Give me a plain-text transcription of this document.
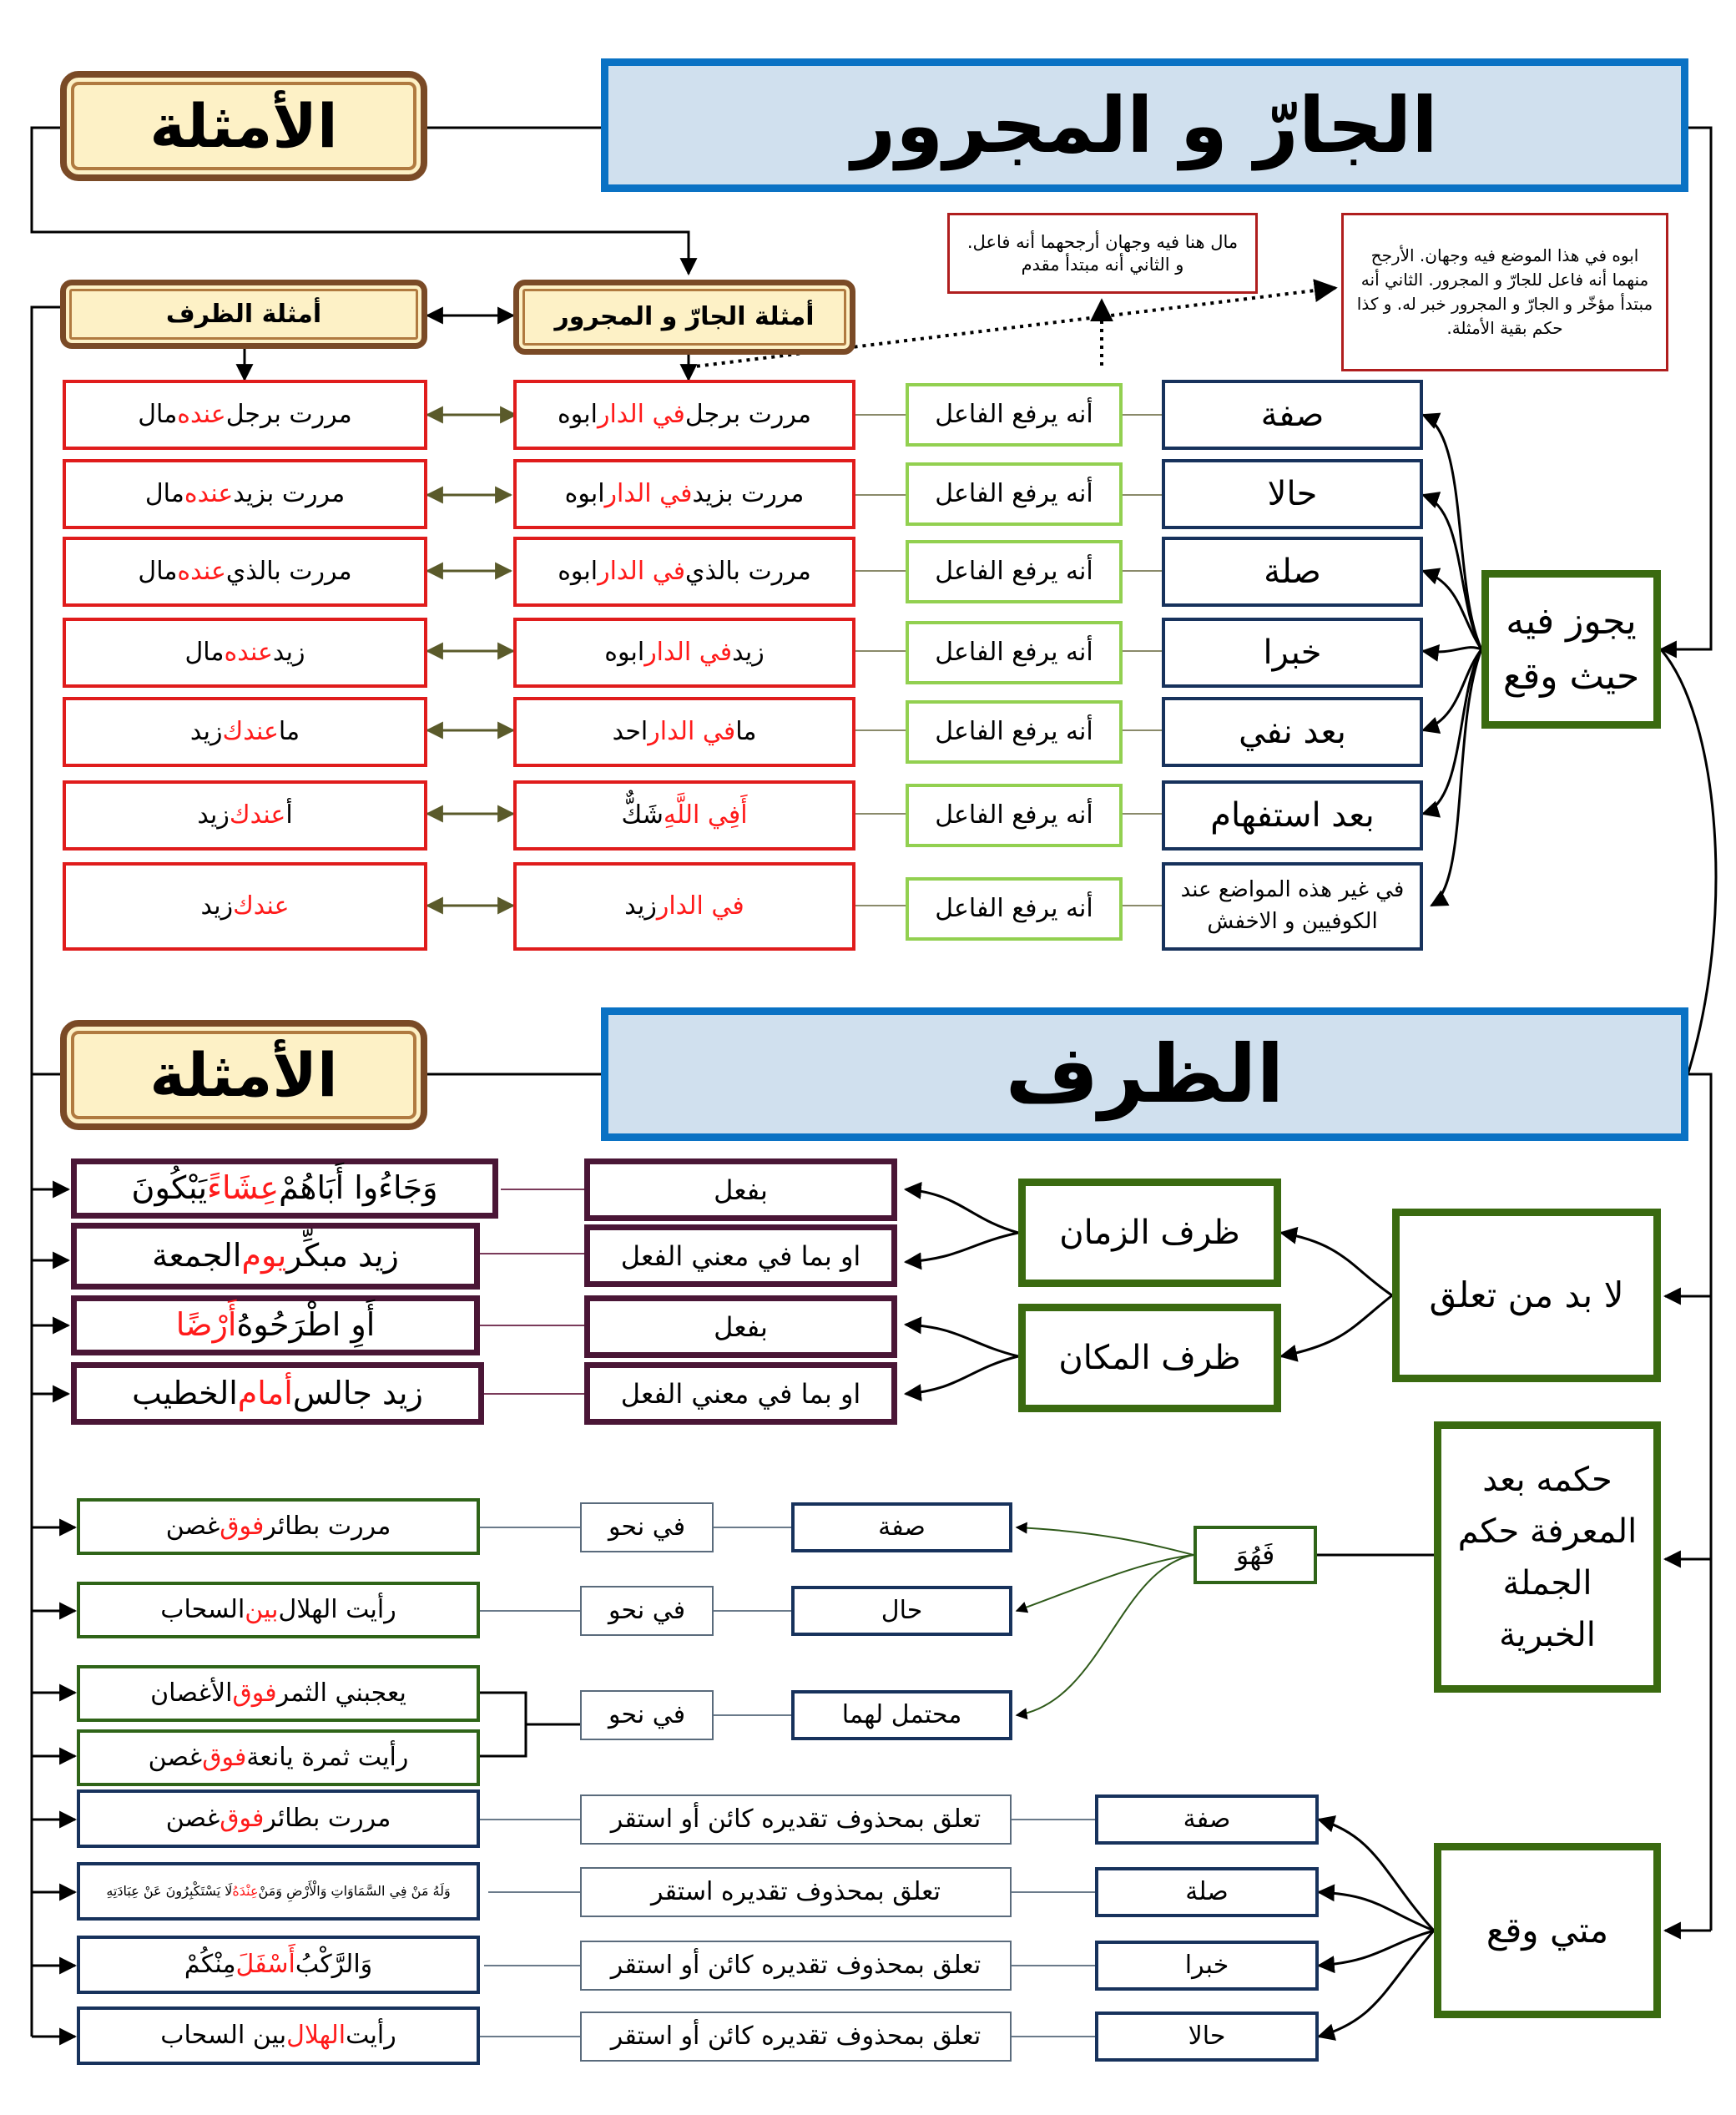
الجارّ و المجرور
الأمثلة
مال هنا فيه وجهان أرجحهما أنه فاعل. و الثاني أنه مبتدأ مقدم	ابوه في هذا الموضع فيه وجهان. الأرجح منهما أنه فاعل للجارّ و المجرور. الثاني أنه مبتدأ مؤخّر و الجارّ و المجرور خبر له. و كذا حكم بقية الأمثلة.
أمثلة الظرف	أمثلة الجارّ و المجرور
يجوز فيه حيث وقع
صفة
أنه يرفع الفاعل
مررت برجل
في الدار
ابوه
مررت برجل
عنده
مال
حالا
أنه يرفع الفاعل
مررت بزيد
في الدار
ابوه
مررت بزيد
عنده
مال
صلة
أنه يرفع الفاعل
مررت بالذي
في الدار
ابوه
مررت بالذي
عنده
مال
خبرا
أنه يرفع الفاعل
زيد
في الدار
ابوه
زيد
عنده
مال
بعد نفي
أنه يرفع الفاعل
ما
في الدار
احد
ما
عندك
زيد
بعد استفهام
أنه يرفع الفاعل
أَفِي اللَّهِ
شَكٌّ
أ
عندك
زيد
في غير هذه المواضع عند الكوفيين و الاخفش
أنه يرفع الفاعل
في الدار
زيد
عندك
زيد
الظرف
الأمثلة
لا بد من تعلق
ظرف الزمان
ظرف المكان
بفعل
او بما في معني الفعل
بفعل
او بما في معني الفعل
وَجَاءُوا أَبَاهُمْ
عِشَاءً
يَبْكُونَ
زيد مبكِّر
يوم
الجمعة
أَوِ اطْرَحُوهُ
أَرْضًا
زيد جالس
أمام
الخطيب
حكمه بعد المعرفة حكم الجملة الخبرية
فَهُوَ
صفة
في نحو
مررت بطائر
فوق
غصن
حال
في نحو
رأيت الهلال
بين
السحاب
محتمل لهما
في نحو
يعجبني الثمر
فوق
الأغصان
رأيت ثمرة يانعة
فوق
غصن
متي وقع
صفة
تعلق بمحذوف تقديره كائن أو استقر
مررت بطائر
فوق
غصن
صلة
تعلق بمحذوف تقديره استقر
وَلَهُ مَنْ فِي السَّمَاوَاتِ وَالْأَرْضِ وَمَنْ
عِنْدَهُ
لَا يَسْتَكْبِرُونَ عَنْ عِبَادَتِهِ
خبرا
تعلق بمحذوف تقديره كائن أو استقر
وَالرَّكْبُ
أَسْفَلَ
مِنْكُمْ
حالا
تعلق بمحذوف تقديره كائن أو استقر
رأيت
الهلال
بين السحاب
